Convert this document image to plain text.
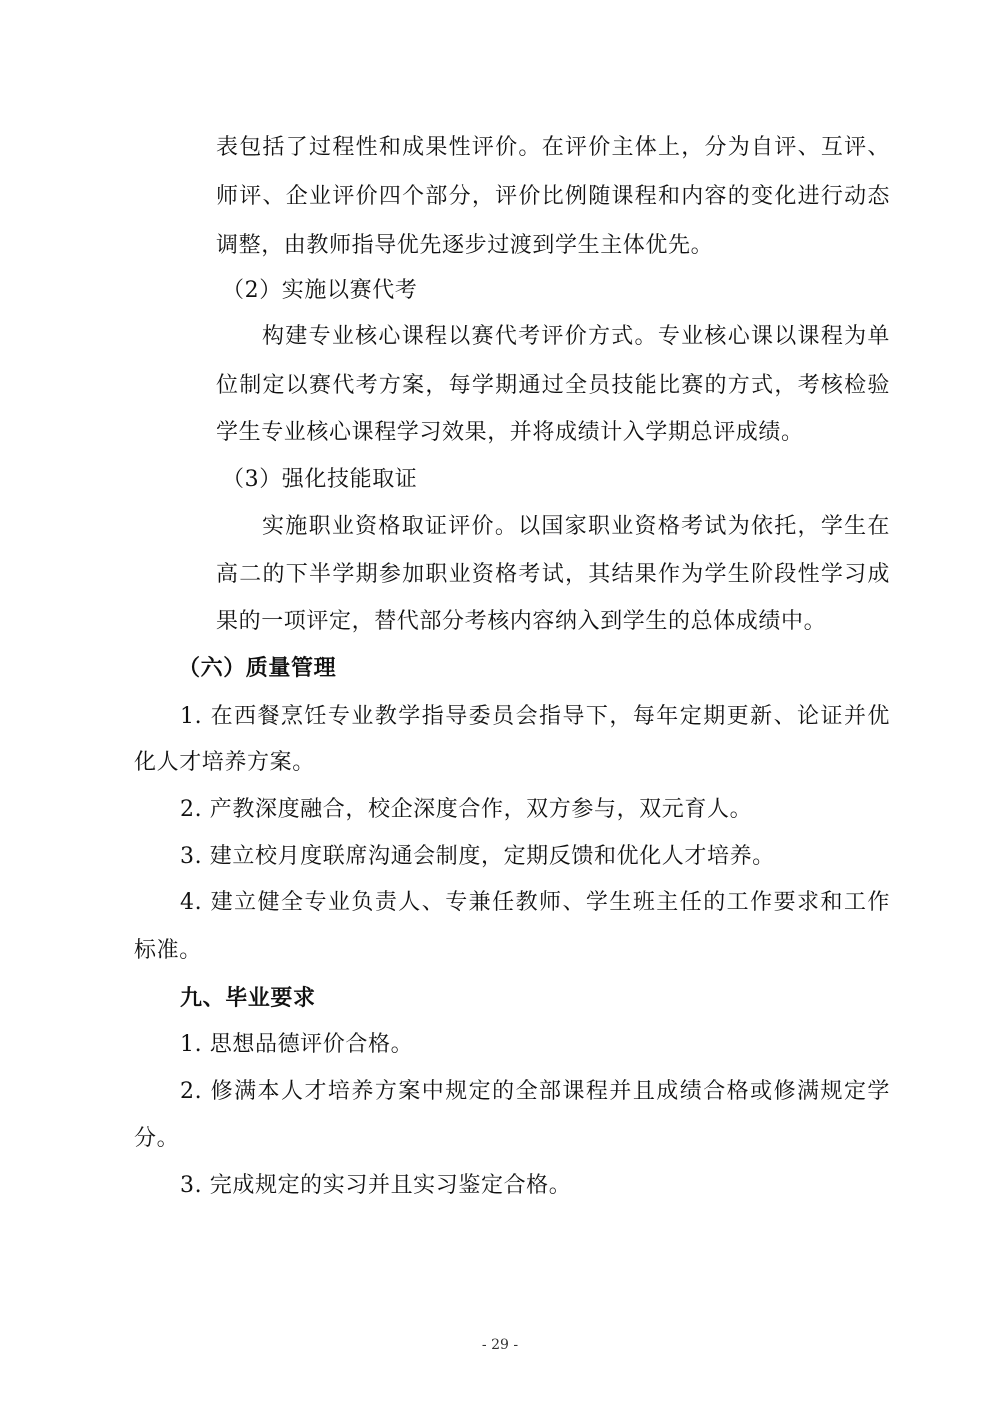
表包括了过程性和成果性评价。在评价主体上，分为自评、互评、
师评、企业评价四个部分，评价比例随课程和内容的变化进行动态
调整，由教师指导优先逐步过渡到学生主体优先。
（2）实施以赛代考
构建专业核心课程以赛代考评价方式。专业核心课以课程为单
位制定以赛代考方案，每学期通过全员技能比赛的方式，考核检验
学生专业核心课程学习效果，并将成绩计入学期总评成绩。
（3）强化技能取证
实施职业资格取证评价。以国家职业资格考试为依托，学生在
高二的下半学期参加职业资格考试，其结果作为学生阶段性学习成
果的一项评定，替代部分考核内容纳入到学生的总体成绩中。
（六）质量管理
1. 在西餐烹饪专业教学指导委员会指导下，每年定期更新、论证并优
化人才培养方案。
2. 产教深度融合，校企深度合作，双方参与，双元育人。
3. 建立校月度联席沟通会制度，定期反馈和优化人才培养。
4. 建立健全专业负责人、专兼任教师、学生班主任的工作要求和工作
标准。
九、毕业要求
1. 思想品德评价合格。
2. 修满本人才培养方案中规定的全部课程并且成绩合格或修满规定学
分。
3. 完成规定的实习并且实习鉴定合格。
- 29 -
